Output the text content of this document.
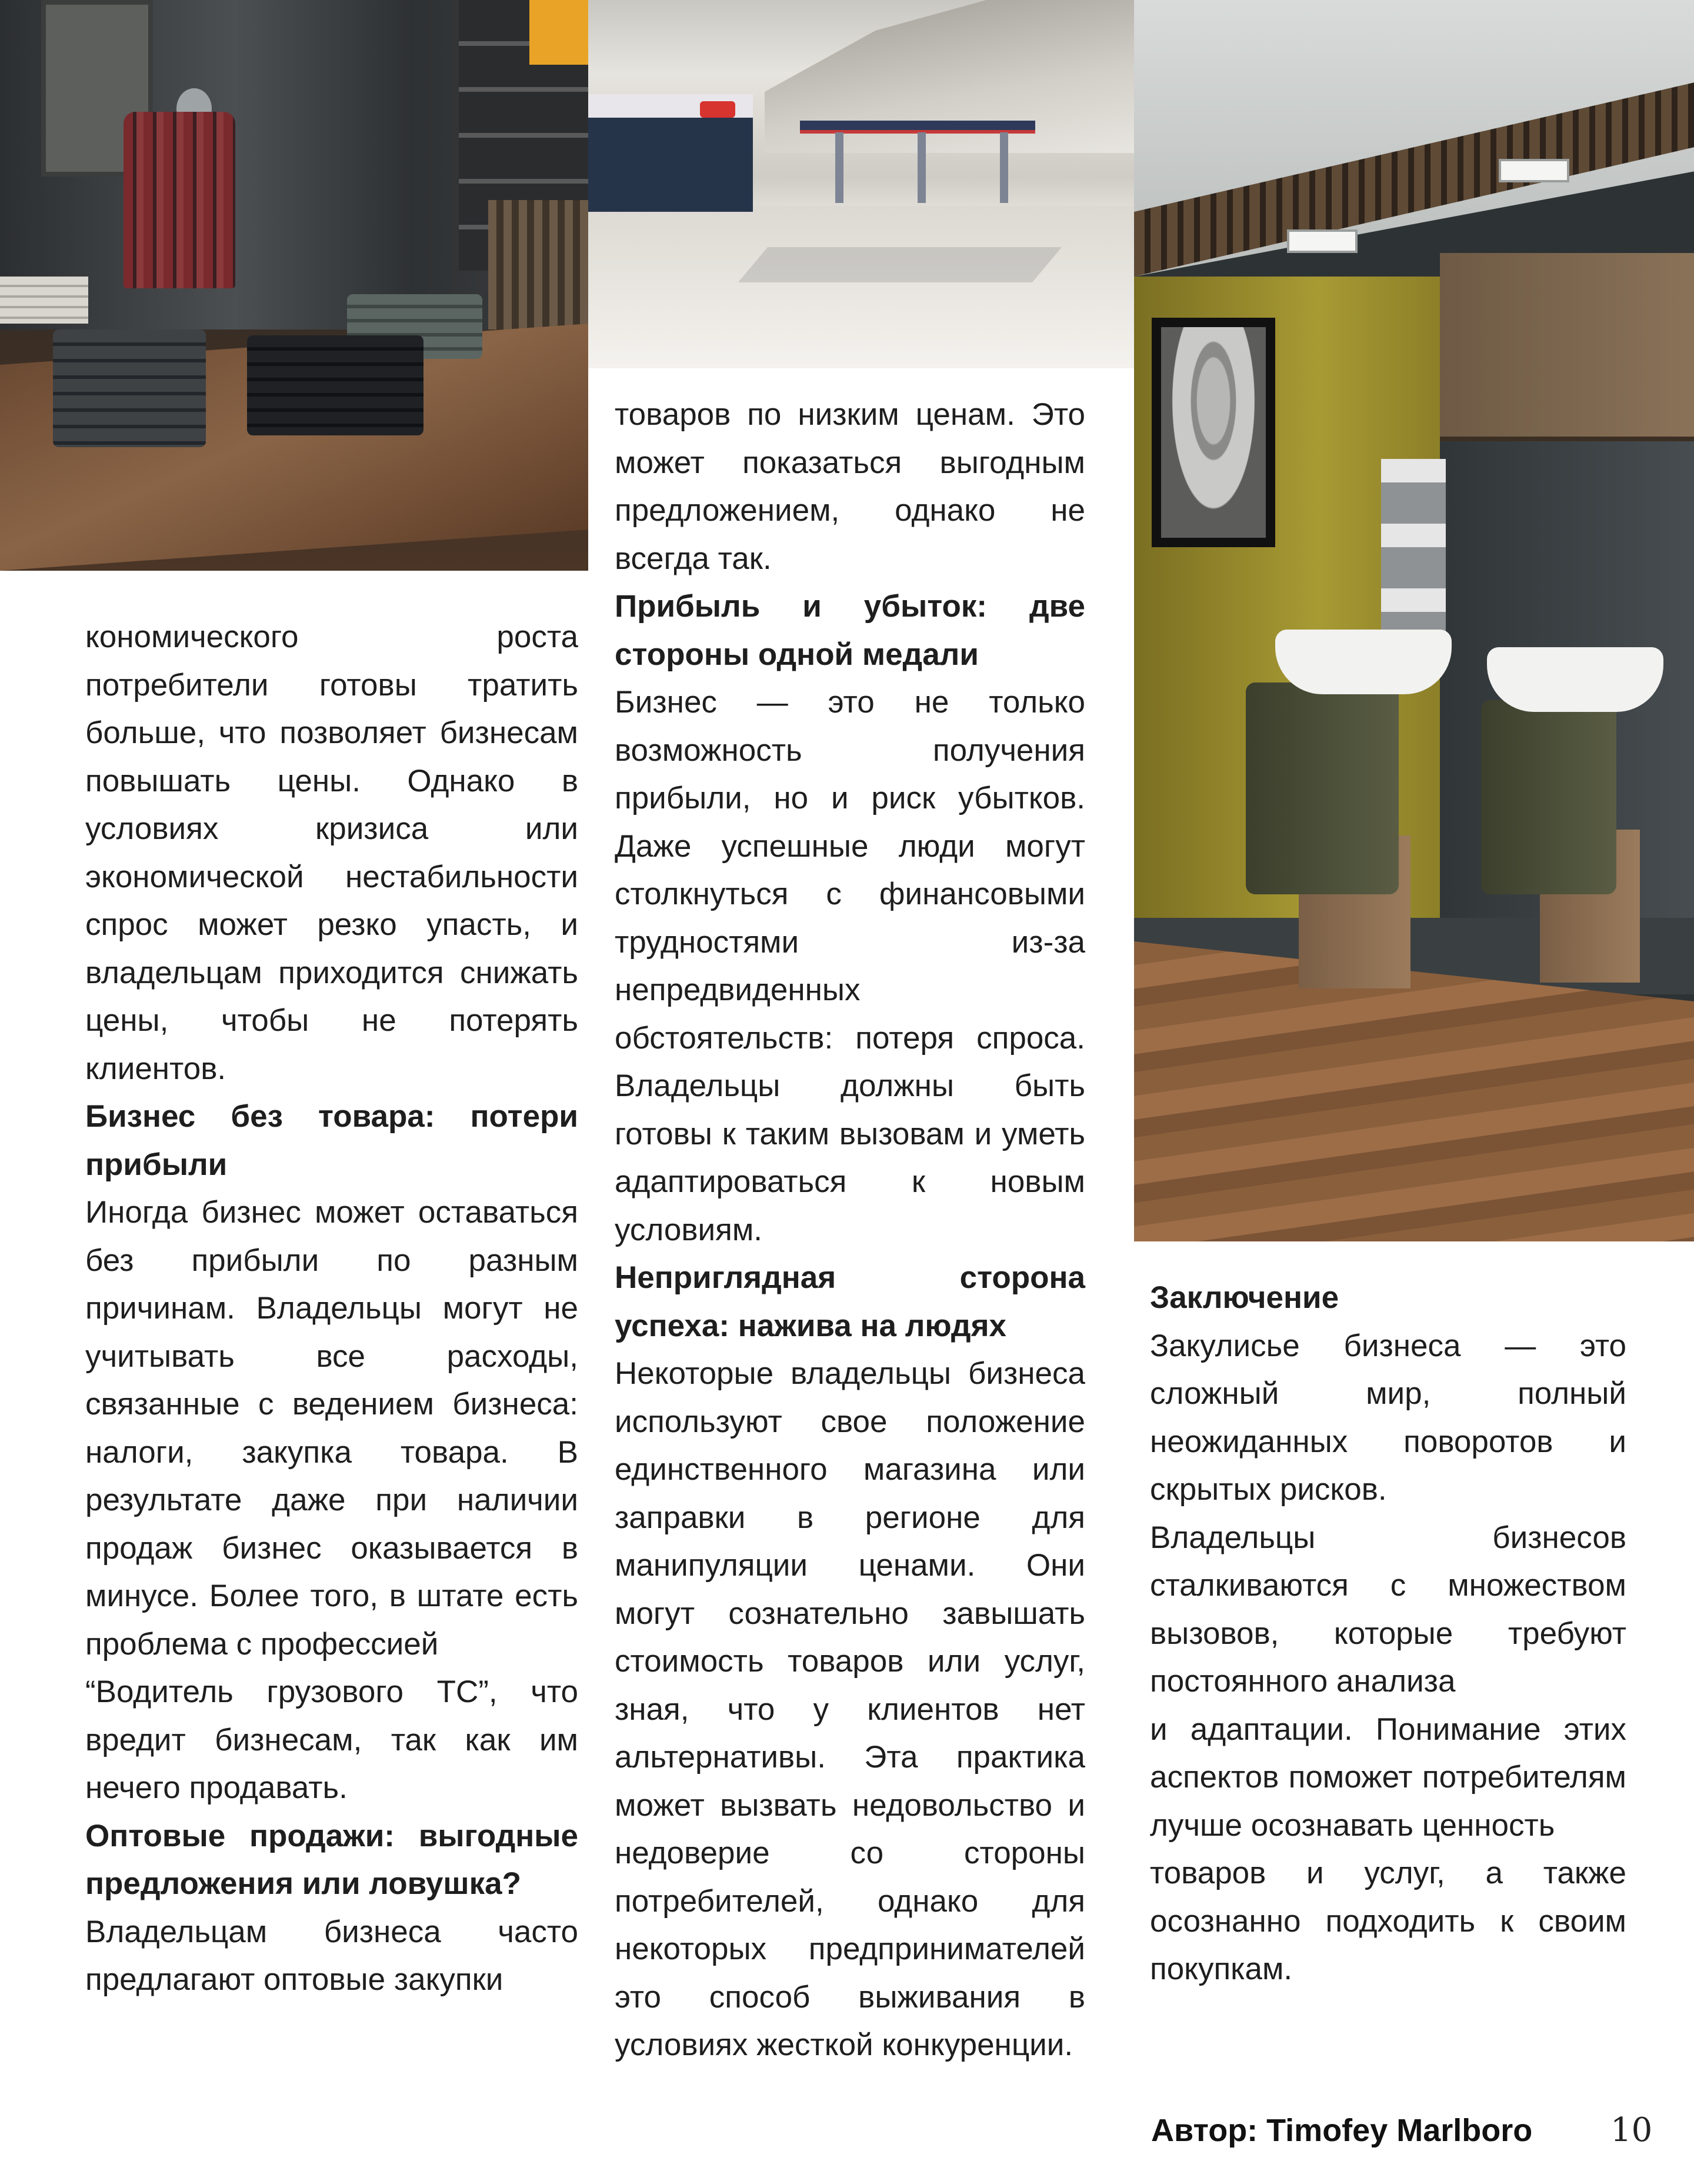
кономического роста потребители готовы тратить больше, что позволяет бизнесам повышать цены. Однако в условиях кризиса или экономической нестабильности спрос может резко упасть, и владельцам приходится снижать цены, чтобы не потерять клиентов.

Бизнес без товара: потери прибыли

Иногда бизнес может оставаться без прибыли по разным причинам. Владельцы могут не учитывать все расходы, связанные с ведением бизнеса: налоги, закупка товара. В результате даже при наличии продаж бизнес оказывается в минусе. Более того, в штате есть проблема с профессией

“Водитель грузового ТС”, что вредит бизнесам, так как им нечего продавать.

Оптовые продажи: выгодные предложения или ловушка?

Владельцам бизнеса часто предлагают оптовые закупки

товаров по низким ценам. Это может показаться выгодным предложением, однако не всегда так.

Прибыль и убыток: две стороны одной медали

Бизнес — это не только возможность получения прибыли, но и риск убытков. Даже успешные люди могут столкнуться с финансовыми трудностями из-за непредвиденных обстоятельств: потеря спроса. Владельцы должны быть готовы к таким вызовам и уметь адаптироваться к новым условиям.

Неприглядная сторона успеха: нажива на людях

Некоторые владельцы бизнеса используют свое положение единственного магазина или заправки в регионе для манипуляции ценами. Они могут сознательно завышать стоимость товаров или услуг, зная, что у клиентов нет альтернативы. Эта практика может вызвать недовольство и недоверие со стороны потребителей, однако для некоторых предпринимателей это способ выживания в условиях жесткой конкуренции.

Заключение

Закулисье бизнеса — это сложный мир, полный неожиданных поворотов и скрытых рисков.

Владельцы бизнесов сталкиваются с множеством вызовов, которые требуют постоянного анализа

и адаптации. Понимание этих аспектов поможет потребителям лучше осознавать ценность

товаров и услуг, а также осознанно подходить к своим покупкам.

Автор: Timofey Marlboro 10
